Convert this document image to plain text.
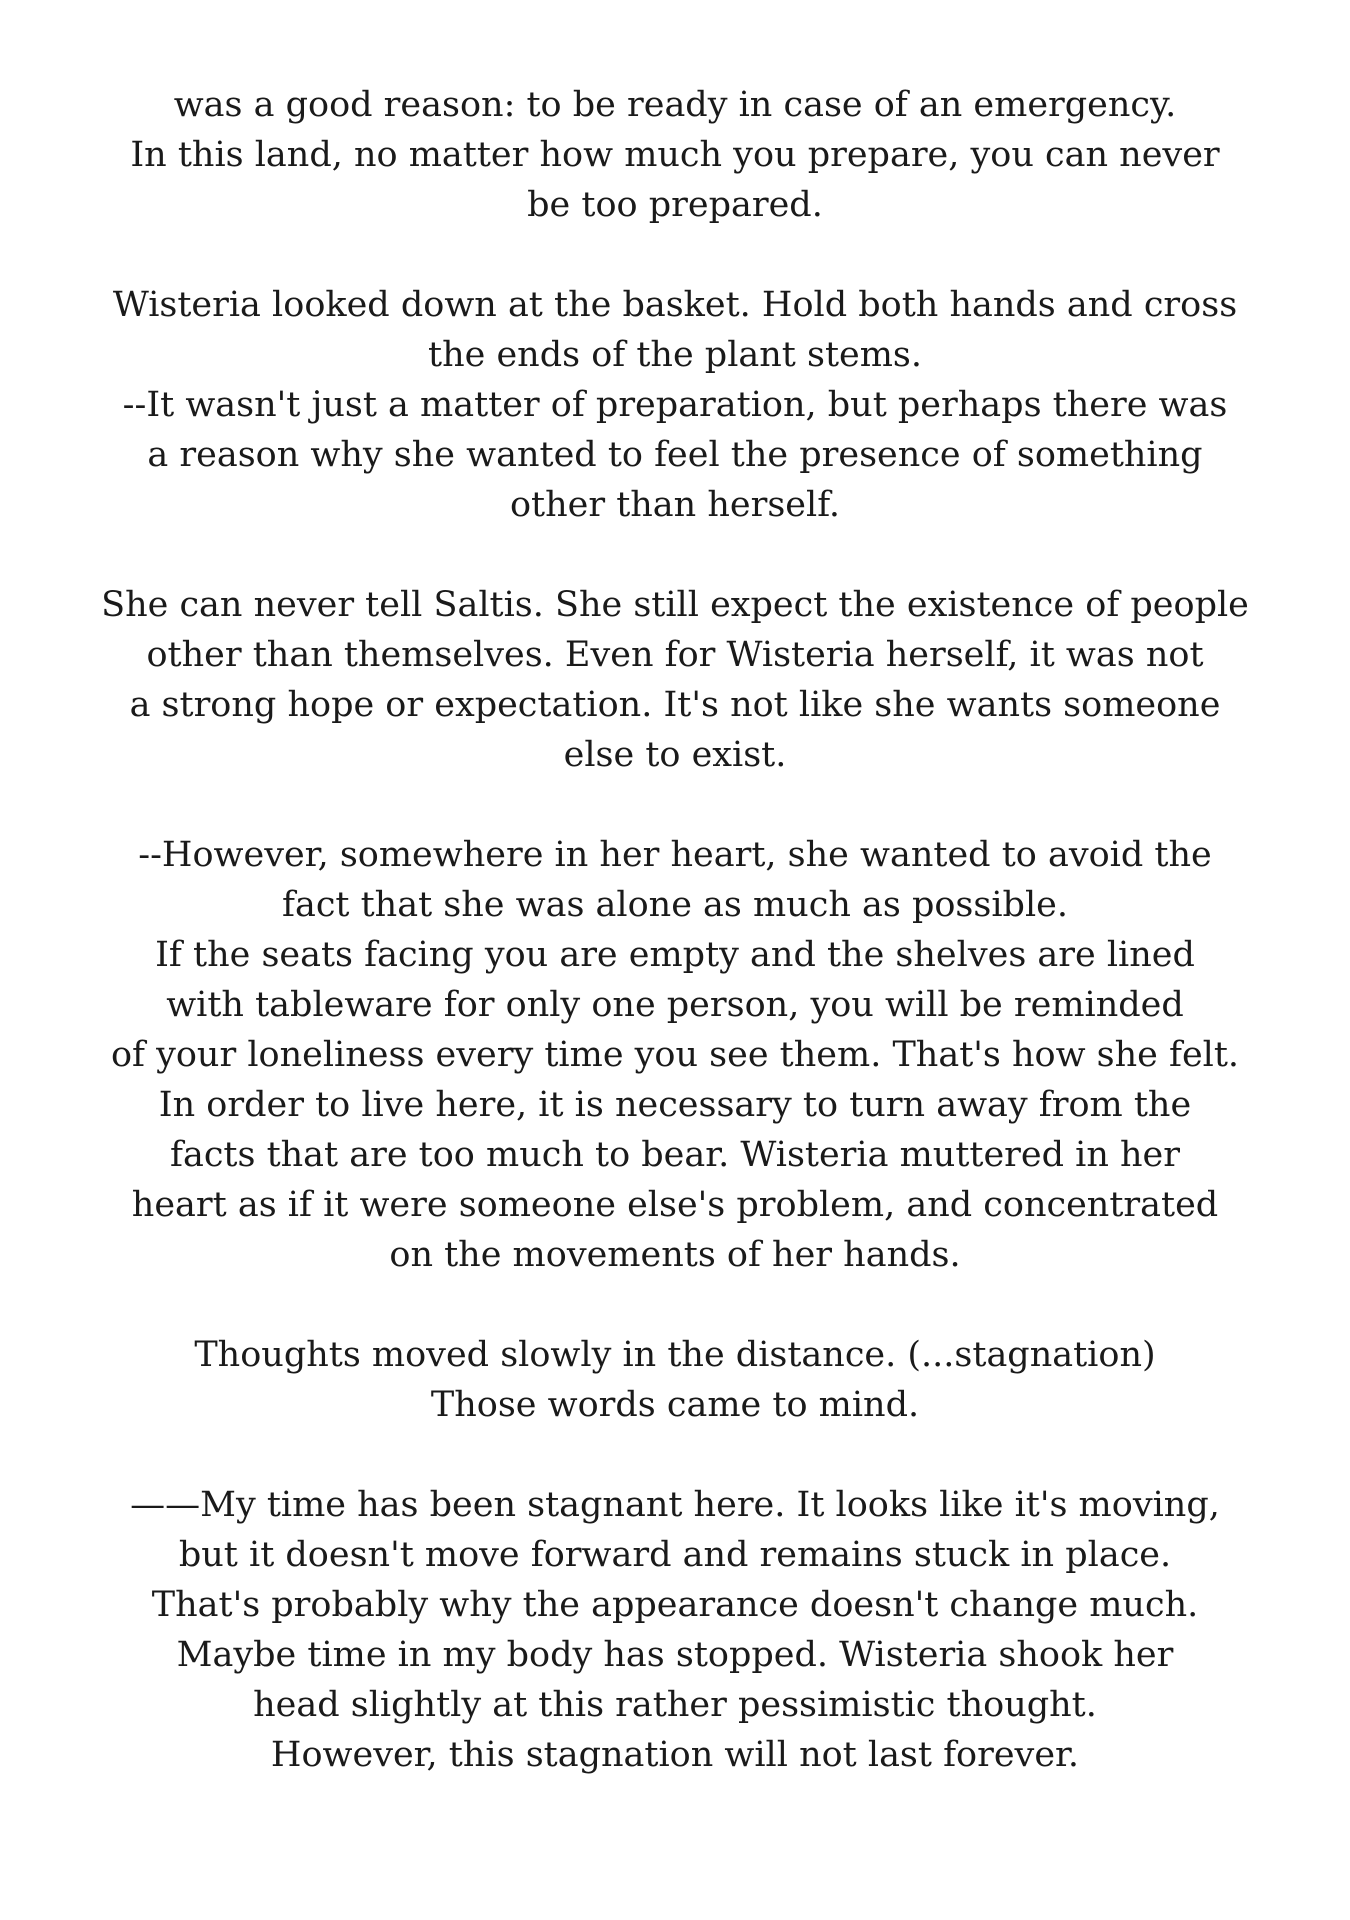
was a good reason: to be ready in case of an emergency.
In this land, no matter how much you prepare, you can never
be too prepared.

Wisteria looked down at the basket. Hold both hands and cross
the ends of the plant stems.
--It wasn't just a matter of preparation, but perhaps there was
a reason why she wanted to feel the presence of something
other than herself.

She can never tell Saltis. She still expect the existence of people
other than themselves. Even for Wisteria herself, it was not
a strong hope or expectation. It's not like she wants someone
else to exist.

--However, somewhere in her heart, she wanted to avoid the
fact that she was alone as much as possible.
If the seats facing you are empty and the shelves are lined
with tableware for only one person, you will be reminded
of your loneliness every time you see them. That's how she felt.
In order to live here, it is necessary to turn away from the
facts that are too much to bear. Wisteria muttered in her
heart as if it were someone else's problem, and concentrated
on the movements of her hands.

Thoughts moved slowly in the distance. (...stagnation)
Those words came to mind.

——My time has been stagnant here. It looks like it's moving,
but it doesn't move forward and remains stuck in place.
That's probably why the appearance doesn't change much.
Maybe time in my body has stopped. Wisteria shook her
head slightly at this rather pessimistic thought.
However, this stagnation will not last forever.
